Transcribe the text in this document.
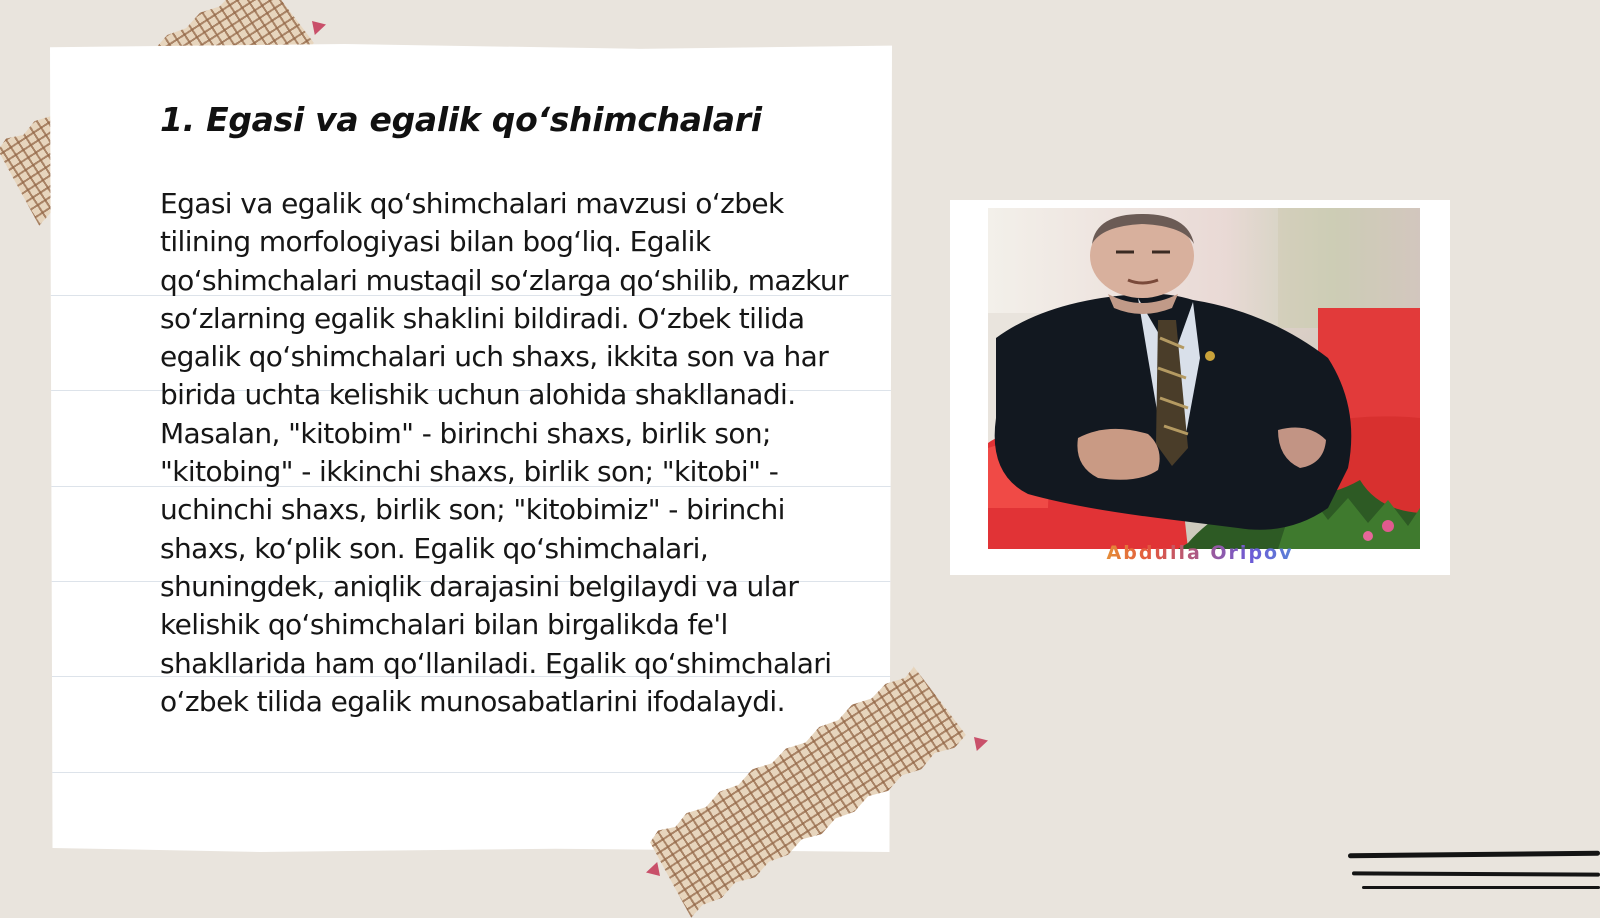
1. Egasi va egalik qo‘shimchalari

Egasi va egalik qo‘shimchalari mavzusi o‘zbek tilining morfologiyasi bilan bog‘liq. Egalik qo‘shimchalari mustaqil so‘zlarga qo‘shilib, mazkur so‘zlarning egalik shaklini bildiradi. O‘zbek tilida egalik qo‘shimchalari uch shaxs, ikkita son va har birida uchta kelishik uchun alohida shakllanadi. Masalan, "kitobim" - birinchi shaxs, birlik son; "kitobing" - ikkinchi shaxs, birlik son; "kitobi" - uchinchi shaxs, birlik son; "kitobimiz" - birinchi shaxs, ko‘plik son. Egalik qo‘shimchalari, shuningdek, aniqlik darajasini belgilaydi va ular kelishik qo‘shimchalari bilan birgalikda fe'l shakllarida ham qo‘llaniladi. Egalik qo‘shimchalari o‘zbek tilida egalik munosabatlarini ifodalaydi.

Abdulla Oripov
